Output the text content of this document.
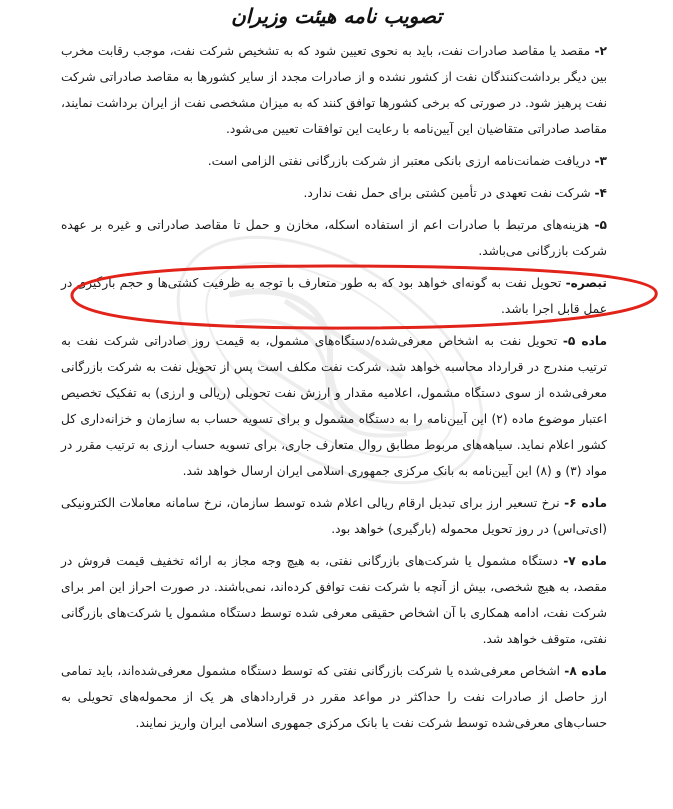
تصویب نامه هیئت وزیران

۲- مقصد یا مقاصد صادرات نفت، باید به نحوی تعیین شود که به تشخیص شرکت نفت، موجب رقابت مخرب بین دیگر برداشت‌کنندگان نفت از کشور نشده و از صادرات مجدد از سایر کشورها به مقاصد صادراتی شرکت نفت پرهیز شود. در صورتی که برخی کشورها توافق کنند که به میزان مشخصی نفت از ایران برداشت نمایند، مقاصد صادراتی متقاضیان این آیین‌نامه با رعایت این توافقات تعیین می‌شود.

۳- دریافت ضمانت‌نامه ارزی بانکی معتبر از شرکت بازرگانی نفتی الزامی است.

۴- شرکت نفت تعهدی در تأمین کشتی برای حمل نفت ندارد.

۵- هزینه‌های مرتبط با صادرات اعم از استفاده اسکله، مخازن و حمل تا مقاصد صادراتی و غیره بر عهده شرکت بازرگانی می‌باشد.

تبصره- تحویل نفت به گونه‌ای خواهد بود که به طور متعارف با توجه به ظرفیت کشتی‌ها و حجم بارگیری در عمل قابل اجرا باشد.

ماده ۵- تحویل نفت به اشخاص معرفی‌شده/دستگاه‌های مشمول، به قیمت روز صادراتی شرکت نفت به ترتیب مندرج در قرارداد محاسبه خواهد شد. شرکت نفت مکلف است پس از تحویل نفت به شرکت بازرگانی معرفی‌شده از سوی دستگاه مشمول، اعلامیه مقدار و ارزش نفت تحویلی (ریالی و ارزی) به تفکیک تخصیص اعتبار موضوع ماده (۲) این آیین‌نامه را به دستگاه مشمول و برای تسویه حساب به سازمان و خزانه‌داری کل کشور اعلام نماید. سیاهه‌های مربوط مطابق روال متعارف جاری، برای تسویه حساب ارزی به ترتیب مقرر در مواد (۳) و (۸) این آیین‌نامه به بانک مرکزی جمهوری اسلامی ایران ارسال خواهد شد.

ماده ۶- نرخ تسعیر ارز برای تبدیل ارقام ریالی اعلام شده توسط سازمان، نرخ سامانه معاملات الکترونیکی (ای‌تی‌اس) در روز تحویل محموله (بارگیری) خواهد بود.

ماده ۷- دستگاه مشمول یا شرکت‌های بازرگانی نفتی، به هیچ وجه مجاز به ارائه تخفیف قیمت فروش در مقصد، به هیچ شخصی، بیش از آنچه با شرکت نفت توافق کرده‌اند، نمی‌باشند. در صورت احراز این امر برای شرکت نفت، ادامه همکاری با آن اشخاص حقیقی معرفی شده توسط دستگاه مشمول یا شرکت‌های بازرگانی نفتی، متوقف خواهد شد.

ماده ۸- اشخاص معرفی‌شده یا شرکت بازرگانی نفتی که توسط دستگاه مشمول معرفی‌شده‌اند، باید تمامی ارز حاصل از صادرات نفت را حداکثر در مواعد مقرر در قراردادهای هر یک از محموله‌های تحویلی به حساب‌های معرفی‌شده توسط شرکت نفت یا بانک مرکزی جمهوری اسلامی ایران واریز نمایند.
